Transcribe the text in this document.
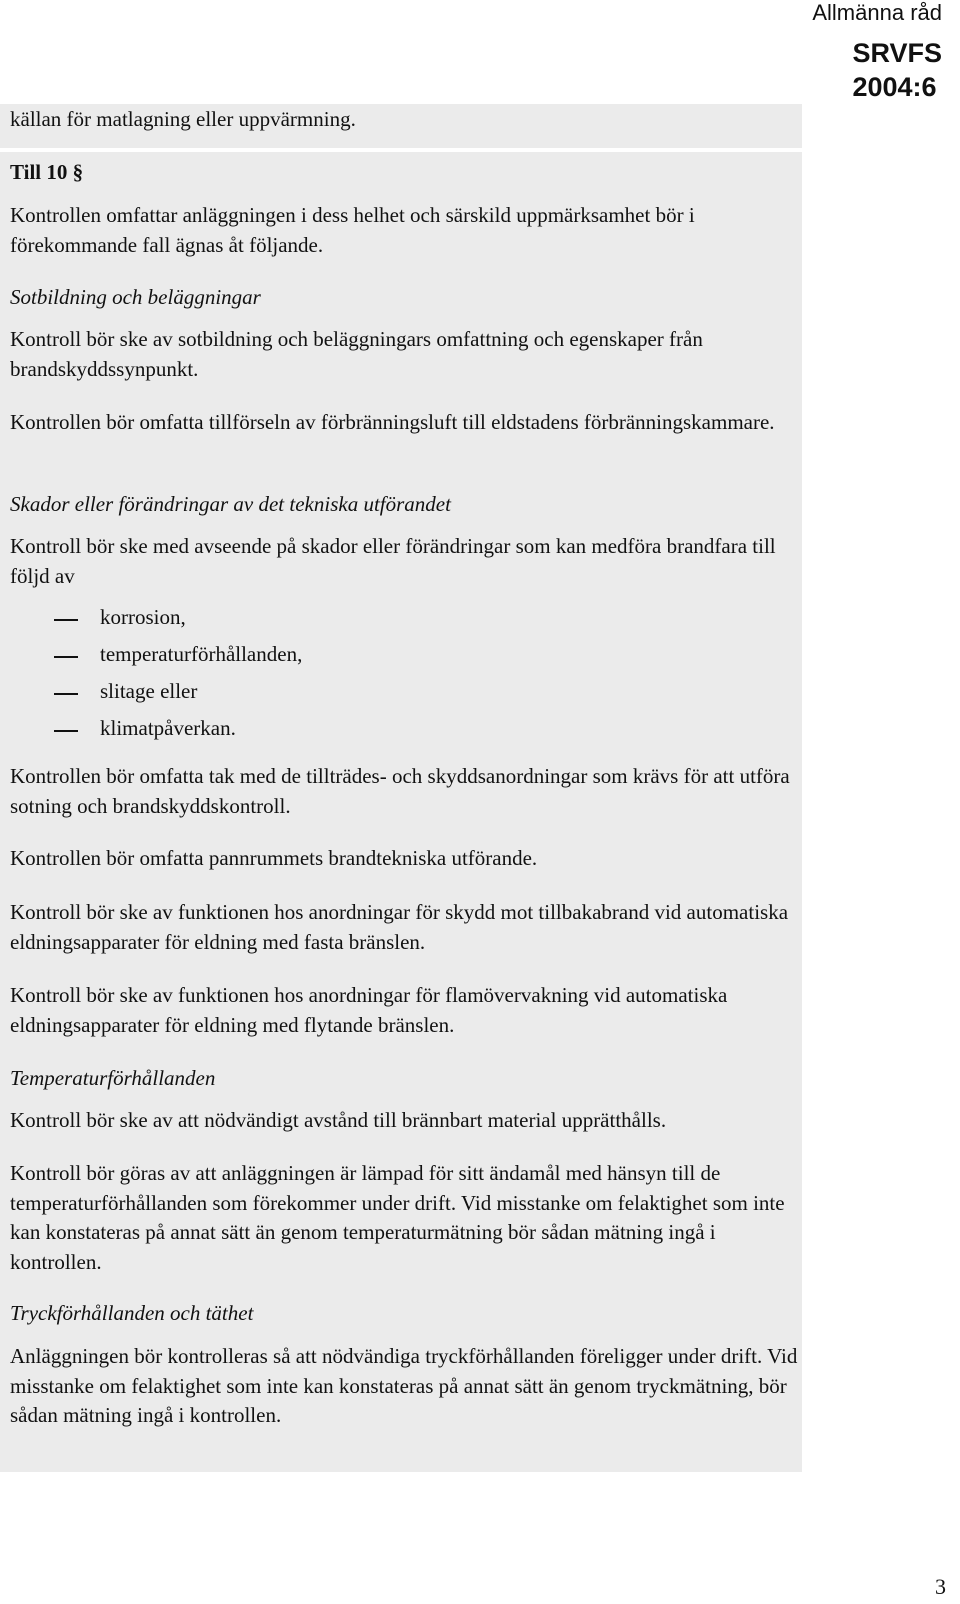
Allmänna råd
SRVFS
2004:6
källan för matlagning eller uppvärmning.
Till 10 §
Kontrollen omfattar anläggningen i dess helhet och särskild uppmärksamhet bör i förekommande fall ägnas åt följande.
Sotbildning och beläggningar
Kontroll bör ske av sotbildning och beläggningars omfattning och egenskaper från brandskyddssynpunkt.
Kontrollen bör omfatta tillförseln av förbränningsluft till eldstadens förbränningskammare.
Skador eller förändringar av det tekniska utförandet
Kontroll bör ske med avseende på skador eller förändringar som kan medföra brandfara till följd av
korrosion,
temperaturförhållanden,
slitage eller
klimatpåverkan.
Kontrollen bör omfatta tak med de tillträdes- och skyddsanordningar som krävs för att utföra sotning och brandskyddskontroll.
Kontrollen bör omfatta pannrummets brandtekniska utförande.
Kontroll bör ske av funktionen hos anordningar för skydd mot tillbakabrand vid automatiska eldningsapparater för eldning med fasta bränslen.
Kontroll bör ske av funktionen hos anordningar för flamövervakning vid automatiska eldningsapparater för eldning med flytande bränslen.
Temperaturförhållanden
Kontroll bör ske av att nödvändigt avstånd till brännbart material upprätthålls.
Kontroll bör göras av att anläggningen är lämpad för sitt ändamål med hänsyn till de temperaturförhållanden som förekommer under drift. Vid misstanke om felaktighet som inte kan konstateras på annat sätt än genom temperaturmätning bör sådan mätning ingå i kontrollen.
Tryckförhållanden och täthet
Anläggningen bör kontrolleras så att nödvändiga tryckförhållanden föreligger under drift. Vid misstanke om felaktighet som inte kan konstateras på annat sätt än genom tryckmätning, bör sådan mätning ingå i kontrollen.
3
